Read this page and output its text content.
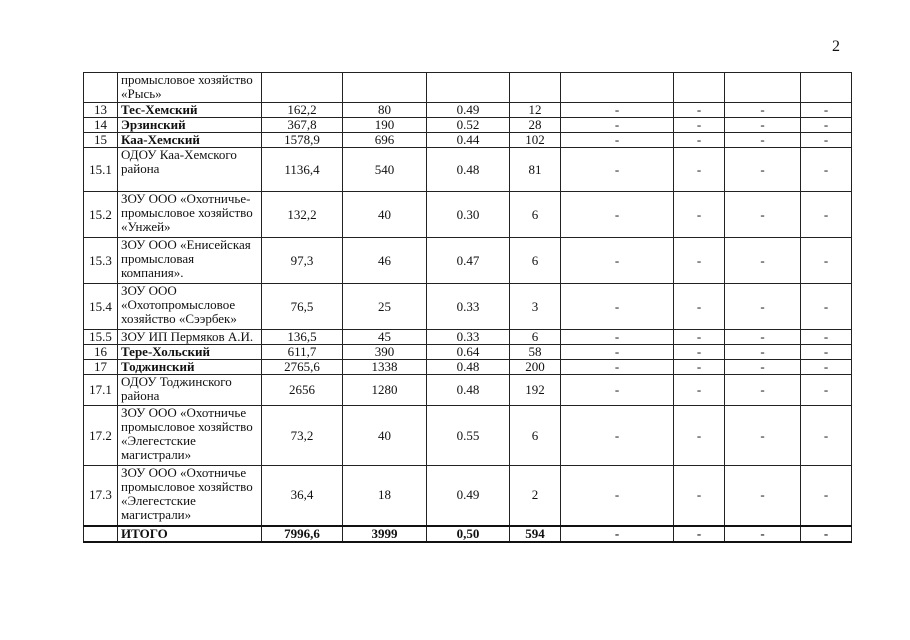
2
	промысловое хозяйство «Рысь»								
13	Тес-Хемский	162,2	80	0.49	12	-	-	-	-
14	Эрзинский	367,8	190	0.52	28	-	-	-	-
15	Каа-Хемский	1578,9	696	0.44	102	-	-	-	-
15.1	ОДОУ Каа-Хемского района	1136,4	540	0.48	81	-	-	-	-
15.2	ЗОУ ООО «Охотничье-промысловое хозяйство «Унжей»	132,2	40	0.30	6	-	-	-	-
15.3	ЗОУ ООО «Енисейская промысловая компания».	97,3	46	0.47	6	-	-	-	-
15.4	ЗОУ ООО «Охотопромысловое хозяйство «Сээрбек»	76,5	25	0.33	3	-	-	-	-
15.5	ЗОУ ИП Пермяков А.И.	136,5	45	0.33	6	-	-	-	-
16	Тере-Хольский	611,7	390	0.64	58	-	-	-	-
17	Тоджинский	2765,6	1338	0.48	200	-	-	-	-
17.1	ОДОУ Тоджинского района	2656	1280	0.48	192	-	-	-	-
17.2	ЗОУ ООО «Охотничье промысловое хозяйство «Элегестские магистрали»	73,2	40	0.55	6	-	-	-	-
17.3	ЗОУ ООО «Охотничье промысловое хозяйство «Элегестские магистрали»	36,4	18	0.49	2	-	-	-	-
	ИТОГО	7996,6	3999	0,50	594	-	-	-	-
